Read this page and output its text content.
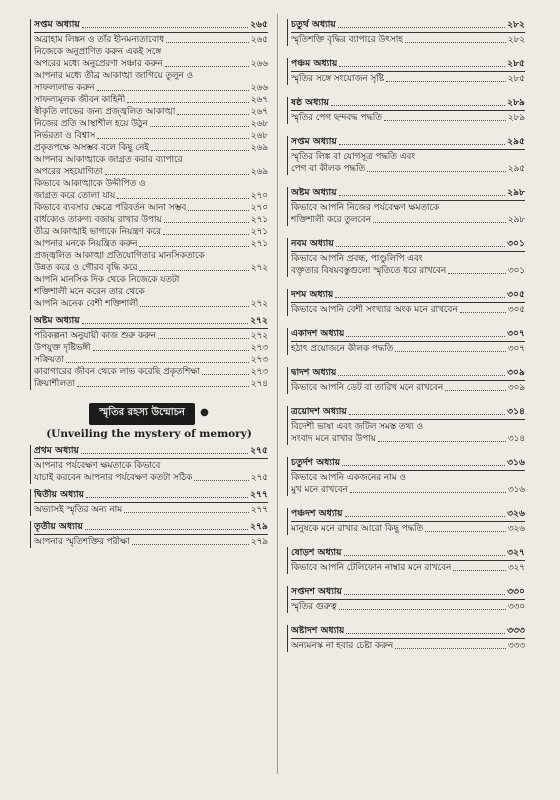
সপ্তম অধ্যায়	২৬৫
অব্রাহাম লিঙ্কন ও তাঁর হীনমন্যতাবোধ	২৬৫
নিজেকে অনুপ্রাণিত করুন একই সঙ্গে
অপরের মধ্যে অনুপ্রেরণা সঞ্চার করুন	২৬৬
আপনার মধ্যে তীব্র আকাঙ্খা জাগিয়ে তুলুন ও
সাফল্যলাভ করুন	২৬৬
সাফল্যমূলক জীবন কাহিনী	২৬৭
স্বীকৃতি লাভের জন্য প্রজ্জ্বলিত আকাঙ্খা	২৬৭
নিজের প্রতি আস্থাশীল হয়ে উঠুন	২৬৮
নির্ভরতা ও বিশ্বাস	২৬৮
প্রকৃতপক্ষে অসম্ভব বলে কিছু নেই	২৬৯
আপনার আকাঙ্খাকে জাগ্রত করার ব্যাপারে
অপরের সহযোগিতা	২৬৯
কিভাবে আকাঙ্খাকে উদ্দীপিত ও
জাগ্রত করে তোলা যায়	২৭০
কিভাবে ব্যবসার ক্ষেত্রে পরিবর্তন আনা সম্ভব	২৭০
বার্ধক্যেও তারুণ্য বজায় রাখার উপায়	২৭১
তীব্র আকাঙ্খাই ভাগ্যকে নিয়ন্ত্রণ করে	২৭১
আপনার মনকে নিয়ন্ত্রিত করুন	২৭১
প্রজ্জ্বলিত আকাঙ্খা প্রতিযোগিতার মানসিকতাকে
উন্নত করে ও গৌরব বৃদ্ধি করে	২৭২
আপনি মানসিক দিক থেকে নিজেকে যতটা
শক্তিশালী মনে করেন তার থেকে
আপনি অনেক বেশী শক্তিশালী	২৭২
অষ্টম অধ্যায়	২৭২
পরিকল্পনা অনুযায়ী কাজ শুরু করুন	২৭২
উপযুক্ত দৃষ্টিভঙ্গী	২৭৩
সক্রিয়তা	২৭৩
কারাগারের জীবন থেকে লাভ করেছি প্রকৃতশিক্ষা	২৭৩
ক্রিয়াশীলতা	২৭৪
স্মৃতির রহস্য উন্মোচন ●
(Unveiling the mystery of memory)
প্রথম অধ্যায়	২৭৫
আপনার পর্যবেক্ষণ ক্ষমতাকে কিভাবে
যাচাই করবেন আপনার পর্যবেক্ষণ কতটা সঠিক	২৭৫
দ্বিতীয় অধ্যায়	২৭৭
অভ্যাসই স্মৃতির অন্য নাম	২৭৭
তৃতীয় অধ্যায়	২৭৯
আপনার স্মৃতিশক্তির পরীক্ষা	২৭৯
চতুর্থ অধ্যায়	২৮২
স্মৃতিশক্তি বৃদ্ধির ব্যাপারে উৎসাহ	২৮২
পঞ্চম অধ্যায়	২৮৫
স্মৃতির সঙ্গে সংযোজন সৃষ্টি	২৮৫
ষষ্ঠ অধ্যায়	২৮৯
স্মৃতির পেগ ছন্দবদ্ধ পদ্ধতি	২৮৯
সপ্তম অধ্যায়	২৯৫
স্মৃতির লিঙ্ক বা যোগসূত্র পদ্ধতি এবং
পেগ বা কীলক পদ্ধতি	২৯৫
অষ্টম অধ্যায়	২৯৮
কিভাবে আপনি নিজের পর্যবেক্ষণ ক্ষমতাকে
শক্তিশালী করে তুলবেন	২৯৮
নবম অধ্যায়	৩০১
কিভাবে আপনি প্রবন্ধ, পাণ্ডুলিপি এবং
বক্তৃতার বিষয়বস্তুগুলো স্মৃতিতে ধরে রাখবেন	৩০১
দশম অধ্যায়	৩০৫
কিভাবে আপনি বেশী সংখ্যার অংক মনে রাখবেন	৩০৫
একাদশ অধ্যায়	৩০৭
হঠাৎ প্রয়োজনে কীলক পদ্ধতি	৩০৭
দ্বাদশ অধ্যায়	৩০৯
কিভাবে আপনি ডেট বা তারিখ মনে রাখবেন	৩০৯
ত্রয়োদশ অধ্যায়	৩১৪
বিদেশী ভাষা এবং জটিল সমস্ত তথ্য ও
সংবাদ মনে রাখার উপায়	৩১৪
চতুর্দশ অধ্যায়	৩১৬
কিভাবে আপনি একজনের নাম ও
মুখ মনে রাখবেন	৩১৬
পঞ্চদশ অধ্যায়	৩২৬
মানুষকে মনে রাখার আরো কিছু পদ্ধতি	৩২৬
ষোড়শ অধ্যায়	৩২৭
কিভাবে আপনি টেলিফোন নাম্বার মনে রাখবেন	৩২৭
সপ্তদশ অধ্যায়	৩৩০
স্মৃতির গুরুত্ব	৩৩০
অষ্টাদশ অধ্যায়	৩৩৩
অন্যমনস্ক না হবার চেষ্টা করুন	৩৩৩
